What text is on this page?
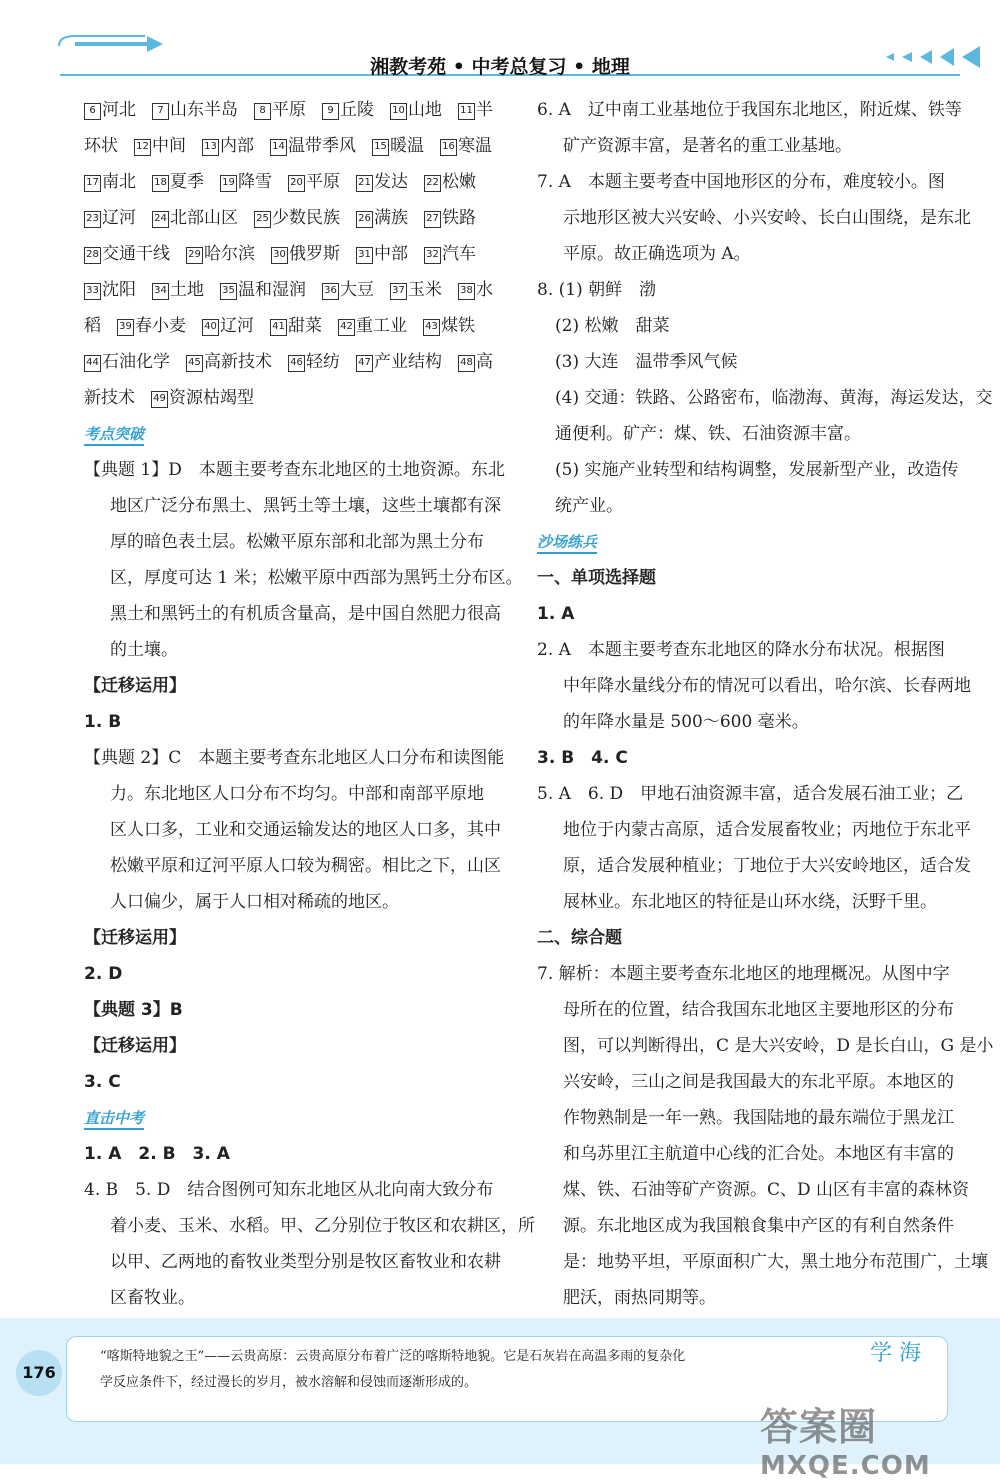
湘教考苑 • 中考总复习 • 地理
6 河北 7 山东半岛 8 平原 9 丘陵 10 山地 11 半
环状 12 中间 13 内部 14 温带季风 15 暖温 16 寒温
17 南北 18 夏季 19 降雪 20 平原 21 发达 22 松嫩
23 辽河 24 北部山区 25 少数民族 26 满族 27 铁路
28 交通干线 29 哈尔滨 30 俄罗斯 31 中部 32 汽车
33 沈阳 34 土地 35 温和湿润 36 大豆 37 玉米 38 水
稻 39 春小麦 40 辽河 41 甜菜 42 重工业 43 煤铁
44 石油化学 45 高新技术 46 轻纺 47 产业结构 48 高
新技术 49 资源枯竭型
考点突破
【典题 1】D　本题主要考查东北地区的土地资源。东北
地区广泛分布黑土、黑钙土等土壤，这些土壤都有深
厚的暗色表土层。松嫩平原东部和北部为黑土分布
区，厚度可达 1 米；松嫩平原中西部为黑钙土分布区。
黑土和黑钙土的有机质含量高，是中国自然肥力很高
的土壤。
【迁移运用】
1. B
【典题 2】C　本题主要考查东北地区人口分布和读图能
力。东北地区人口分布不均匀。中部和南部平原地
区人口多，工业和交通运输发达的地区人口多，其中
松嫩平原和辽河平原人口较为稠密。相比之下，山区
人口偏少，属于人口相对稀疏的地区。
【迁移运用】
2. D
【典题 3】B
【迁移运用】
3. C
直击中考
1. A　2. B　3. A
4. B　5. D　结合图例可知东北地区从北向南大致分布
着小麦、玉米、水稻。甲、乙分别位于牧区和农耕区，所
以甲、乙两地的畜牧业类型分别是牧区畜牧业和农耕
区畜牧业。
6. A　辽中南工业基地位于我国东北地区，附近煤、铁等
矿产资源丰富，是著名的重工业基地。
7. A　本题主要考查中国地形区的分布，难度较小。图
示地形区被大兴安岭、小兴安岭、长白山围绕，是东北
平原。故正确选项为 A。
8. (1) 朝鲜　渤
(2) 松嫩　甜菜
(3) 大连　温带季风气候
(4) 交通：铁路、公路密布，临渤海、黄海，海运发达，交
通便利。矿产：煤、铁、石油资源丰富。
(5) 实施产业转型和结构调整，发展新型产业，改造传
统产业。
沙场练兵
一、单项选择题
1. A
2. A　本题主要考查东北地区的降水分布状况。根据图
中年降水量线分布的情况可以看出，哈尔滨、长春两地
的年降水量是 500～600 毫米。
3. B　4. C
5. A　6. D　甲地石油资源丰富，适合发展石油工业；乙
地位于内蒙古高原，适合发展畜牧业；丙地位于东北平
原，适合发展种植业；丁地位于大兴安岭地区，适合发
展林业。东北地区的特征是山环水绕，沃野千里。
二、综合题
7. 解析：本题主要考查东北地区的地理概况。从图中字
母所在的位置，结合我国东北地区主要地形区的分布
图，可以判断得出，C 是大兴安岭，D 是长白山，G 是小
兴安岭，三山之间是我国最大的东北平原。本地区的
作物熟制是一年一熟。我国陆地的最东端位于黑龙江
和乌苏里江主航道中心线的汇合处。本地区有丰富的
煤、铁、石油等矿产资源。C、D 山区有丰富的森林资
源。东北地区成为我国粮食集中产区的有利自然条件
是：地势平坦，平原面积广大，黑土地分布范围广，土壤
肥沃，雨热同期等。
176
“喀斯特地貌之王”——云贵高原：云贵高原分布着广泛的喀斯特地貌。它是石灰岩在高温多雨的复杂化
学反应条件下，经过漫长的岁月，被水溶解和侵蚀而逐渐形成的。
学 海
答案圈
MXQE.COM
